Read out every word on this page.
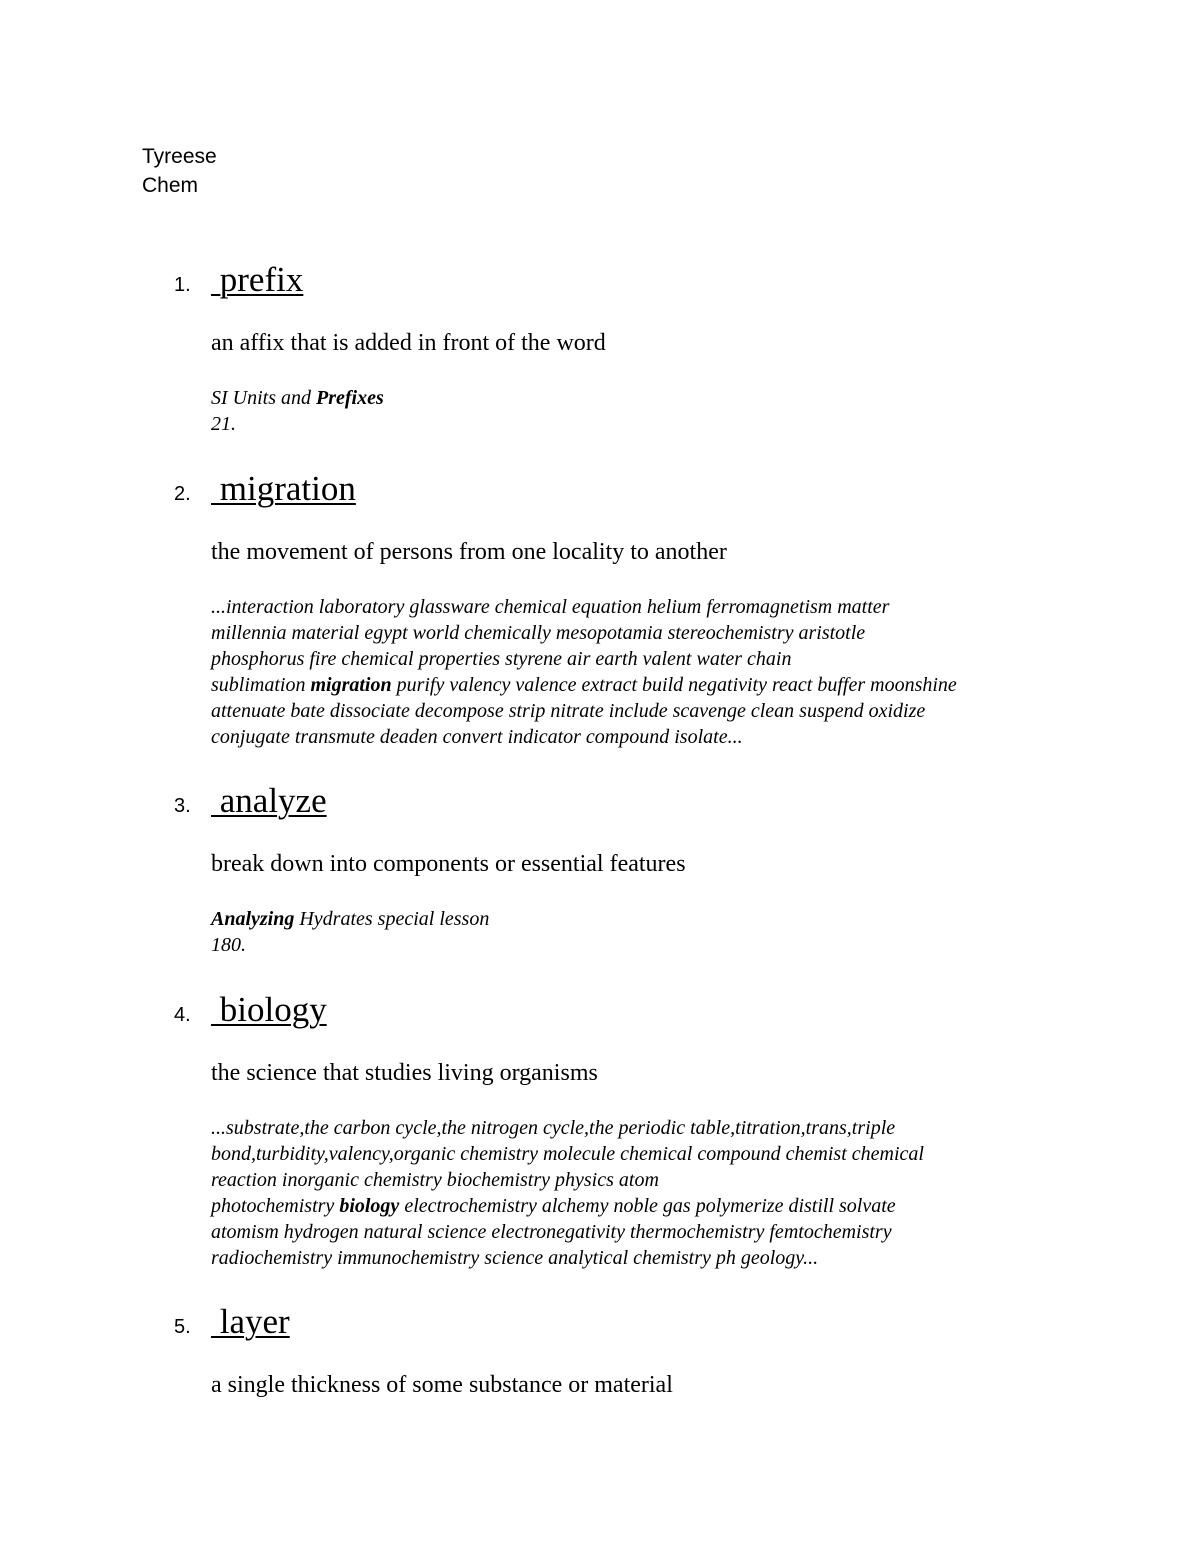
Tyreese
Chem
1. prefix
an affix that is added in front of the word
SI Units and Prefixes
21.
2. migration
the movement of persons from one locality to another
...interaction laboratory glassware chemical equation helium ferromagnetism matter
millennia material egypt world chemically mesopotamia stereochemistry aristotle
phosphorus fire chemical properties styrene air earth valent water chain
sublimation migration purify valency valence extract build negativity react buffer moonshine
attenuate bate dissociate decompose strip nitrate include scavenge clean suspend oxidize
conjugate transmute deaden convert indicator compound isolate...
3. analyze
break down into components or essential features
Analyzing Hydrates special lesson
180.
4. biology
the science that studies living organisms
...substrate,the carbon cycle,the nitrogen cycle,the periodic table,titration,trans,triple
bond,turbidity,valency,organic chemistry molecule chemical compound chemist chemical
reaction inorganic chemistry biochemistry physics atom
photochemistry biology electrochemistry alchemy noble gas polymerize distill solvate
atomism hydrogen natural science electronegativity thermochemistry femtochemistry
radiochemistry immunochemistry science analytical chemistry ph geology...
5. layer
a single thickness of some substance or material
